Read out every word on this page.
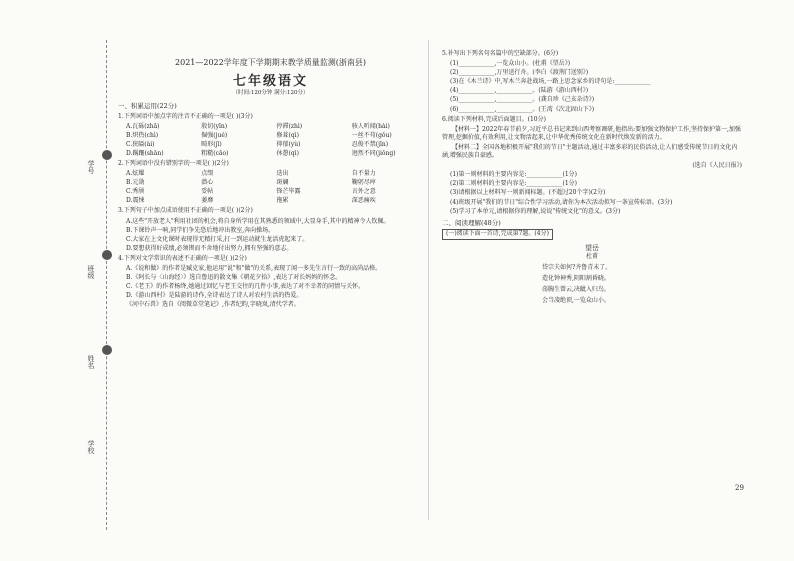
学号
班级
姓名
学校
2021—2022学年度下学期期末教学质量监测(浙南县)
七年级语文
（时间:120分钟 满分:120分）
一、积累运用(22分)
1.下列词语中加点字的注音不正确的一项是( )(3分)
A.瓦砾(zhā)	殷切(yīn)	停滞(zhì)	骇人听闻(hài)
B.炽热(chì)	倔强(jué)	修葺(qì)	一丝不苟(gǒu)
C.狭隘(ài)	畸形(jī)	抑郁(yù)	忍俊不禁(jīn)
D.蹒跚(shān)	粗糙(cāo)	休憩(qì)	迥然不同(jiǒng)
2.下列词语中没有错别字的一项是( )(2分)
A.炫耀	点缀	迭出	自不量力
B.元勋	潜心	斑斓	鞠躬尽瘁
C.秀颀	妥帖	锋芒毕露	言外之意
D.震悚	萎靡	拖累	深恶痛疾
3.下列句子中加点成语使用不正确的一项是( )(2分)
A.这些"开放老人"利用社团的机会,将自身所学用在其熟悉的领域中,大显身手,其中的精神令人钦佩。
B.下课铃声一响,同学们争先恐后地冲出教室,奔向操场。
C.大家在上文化课时表现得无精打采,打一到运动就生龙活虎起来了。
D.要想获得好成绩,必须锲而不舍地付出努力,拥有坚强的意志。
4.下列对文学常识的表述不正确的一项是( )(2分)
A.《说和做》的作者是臧克家,他运用"说"和"做"的关系,表现了闻一多先生言行一致的高尚品格。
B.《阿长与〈山海经〉》选自鲁迅的散文集《朝花夕拾》,表达了对长妈妈的怀念。
C.《老王》的作者杨绛,她通过回忆与老王交往的几件小事,表达了对不幸者的同情与关怀。
D.《游山西村》是陆游的诗作,全诗表达了诗人对农村生活的热爱。
《河中石兽》选自《阅微草堂笔记》,作者纪昀,字晓岚,清代学者。
5.补写出下列名句名篇中的空缺部分。(6分)
(1)____________,一览众山小。(杜甫《望岳》)
(2)____________,万里送行舟。(李白《渡荆门送别》)
(3)在《木兰诗》中,写木兰奔赴战场,一路上思念家乡的诗句是:____________
(4)____________,____________。(陆游《游山西村》)
(5)____________,____________。(龚自珍《己亥杂诗》)
(6)____________,____________。(王湾《次北固山下》)
6.阅读下列材料,完成后面题目。(10分)
【材料一】2022年春节前夕,习近平总书记来到山西考察调研,他指出:要加强文物保护工作,坚持保护第一,加强管理,挖掘价值,有效利用,让文物活起来,让中华优秀传统文化在新时代焕发新的活力。
【材料二】全国各地积极开展"我们的节日"主题活动,通过丰富多彩的民俗活动,让人们感受传统节日的文化内涵,增强民族自豪感。
(选自《人民日报》)
(1)第一则材料的主要内容是:____________(1分)
(2)第二则材料的主要内容是:____________(1分)
(3)请根据以上材料写一则新闻标题。(不超过20个字)(2分)
(4)班级开展"我们的节日"综合性学习活动,请你为本次活动拟写一条宣传标语。(3分)
(5)学习了本单元,请根据你的理解,说说"传统文化"的意义。(3分)
二、阅读理解(48分)
(一)阅读下面一首诗,完成第7题。(4分)
望岳
杜甫
岱宗夫如何?齐鲁青未了。
造化钟神秀,阴阳割昏晓。
荡胸生曾云,决眦入归鸟。
会当凌绝顶,一览众山小。
29
